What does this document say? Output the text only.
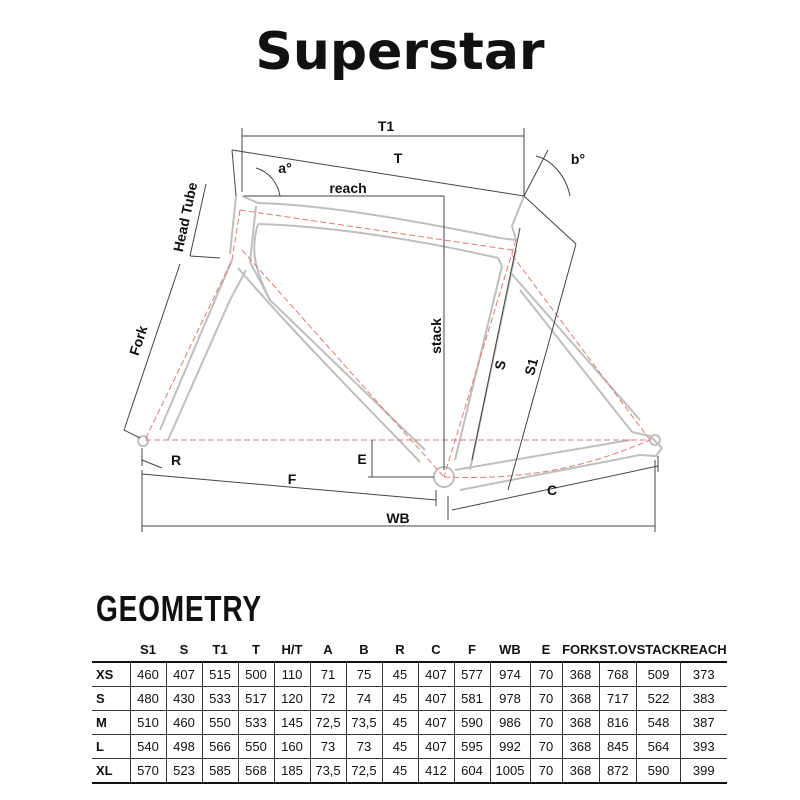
Superstar
T1
T
a°
b°
reach
stack
Head Tube
Fork
S S1
R	E
F
C
WB
GEOMETRY
	S1	S	T1	T	H/T	A	B	R	C	F	WB	E	FORK	ST.OV	STACK	REACH
XS	460	407	515	500	110	71	75	45	407	577	974	70	368	768	509	373
S	480	430	533	517	120	72	74	45	407	581	978	70	368	717	522	383
M	510	460	550	533	145	72,5	73,5	45	407	590	986	70	368	816	548	387
L	540	498	566	550	160	73	73	45	407	595	992	70	368	845	564	393
XL	570	523	585	568	185	73,5	72,5	45	412	604	1005	70	368	872	590	399
